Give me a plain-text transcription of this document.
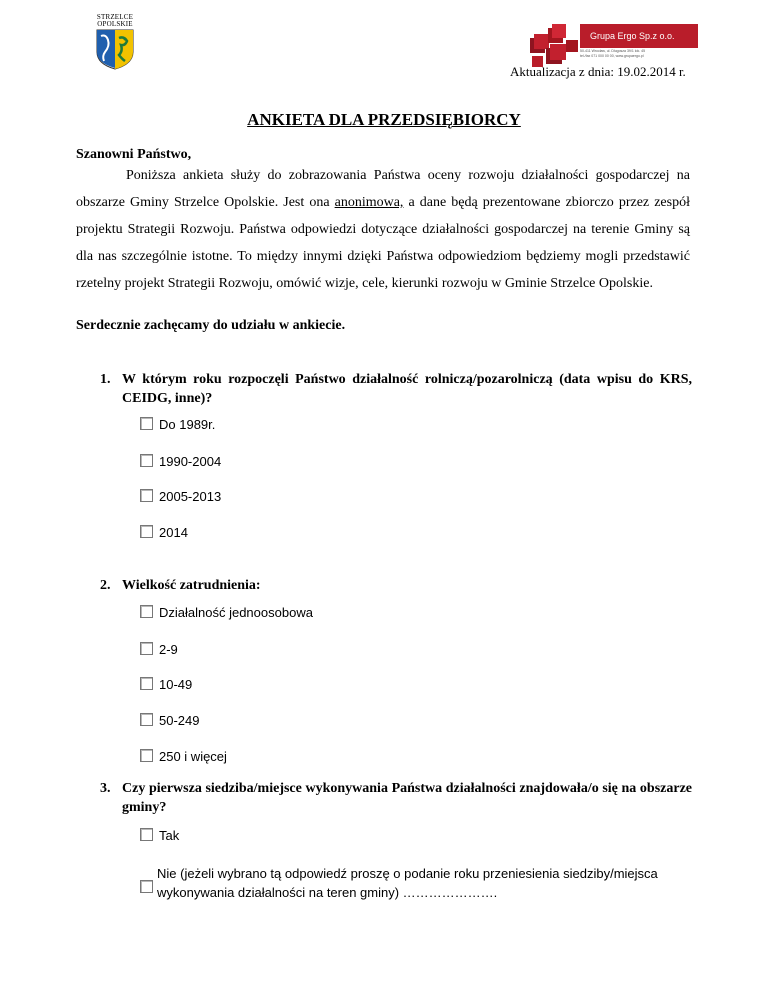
STRZELCE
OPOLSKIE
Grupa Ergo Sp.z o.o.
50-411 Wrocław, ul. Długosza 39/1 lok. 45
tel./fax 071 000 00 00, www.grupaergo.pl
Aktualizacja z dnia: 19.02.2014 r.
ANKIETA DLA PRZEDSIĘBIORCY
Szanowni Państwo,

Poniższa ankieta służy do zobrazowania Państwa oceny rozwoju działalności gospodarczej na obszarze Gminy Strzelce Opolskie. Jest ona anonimowa, a dane będą prezentowane zbiorczo przez zespół projektu Strategii Rozwoju. Państwa odpowiedzi dotyczące działalności gospodarczej na terenie Gminy są dla nas szczególnie istotne. To między innymi dzięki Państwa odpowiedziom będziemy mogli przedstawić rzetelny projekt Strategii Rozwoju, omówić wizje, cele, kierunki rozwoju w Gminie Strzelce Opolskie.

Serdecznie zachęcamy do udziału w ankiecie.
1. W którym roku rozpoczęli Państwo działalność rolniczą/pozarolniczą (data wpisu do KRS, CEIDG, inne)?
Do 1989r.
1990-2004
2005-2013
2014
2. Wielkość zatrudnienia:
Działalność jednoosobowa
2-9
10-49
50-249
250 i więcej
3. Czy pierwsza siedziba/miejsce wykonywania Państwa działalności znajdowała/o się na obszarze gminy?
Tak
Nie (jeżeli wybrano tą odpowiedź proszę o podanie roku przeniesienia siedziby/miejsca wykonywania działalności na teren gminy) ………………….
